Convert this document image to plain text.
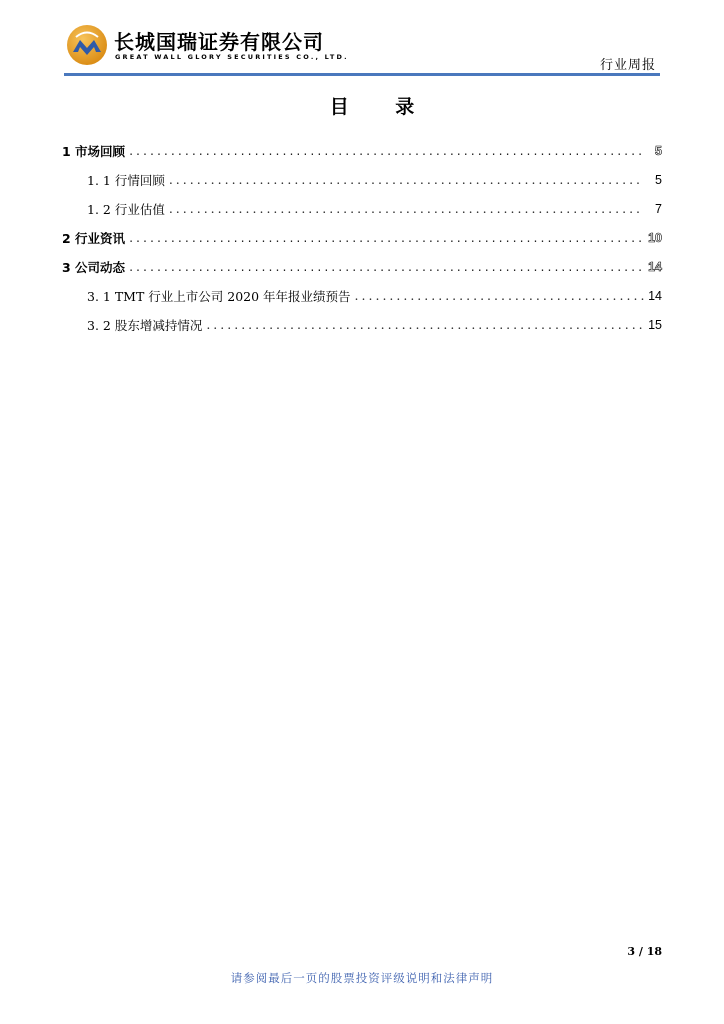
长城国瑞证券有限公司
GREAT WALL GLORY SECURITIES CO., LTD.
行业周报
目 录
1 市场回顾 .....	5
1. 1 行情回顾 .....	5
1. 2 行业估值 .....	7
2 行业资讯 .....	10
3 公司动态 .....	14
3. 1 TMT 行业上市公司 2020 年年报业绩预告 .....	14
3. 2 股东增减持情况 .....	15
3 / 18
请参阅最后一页的股票投资评级说明和法律声明
